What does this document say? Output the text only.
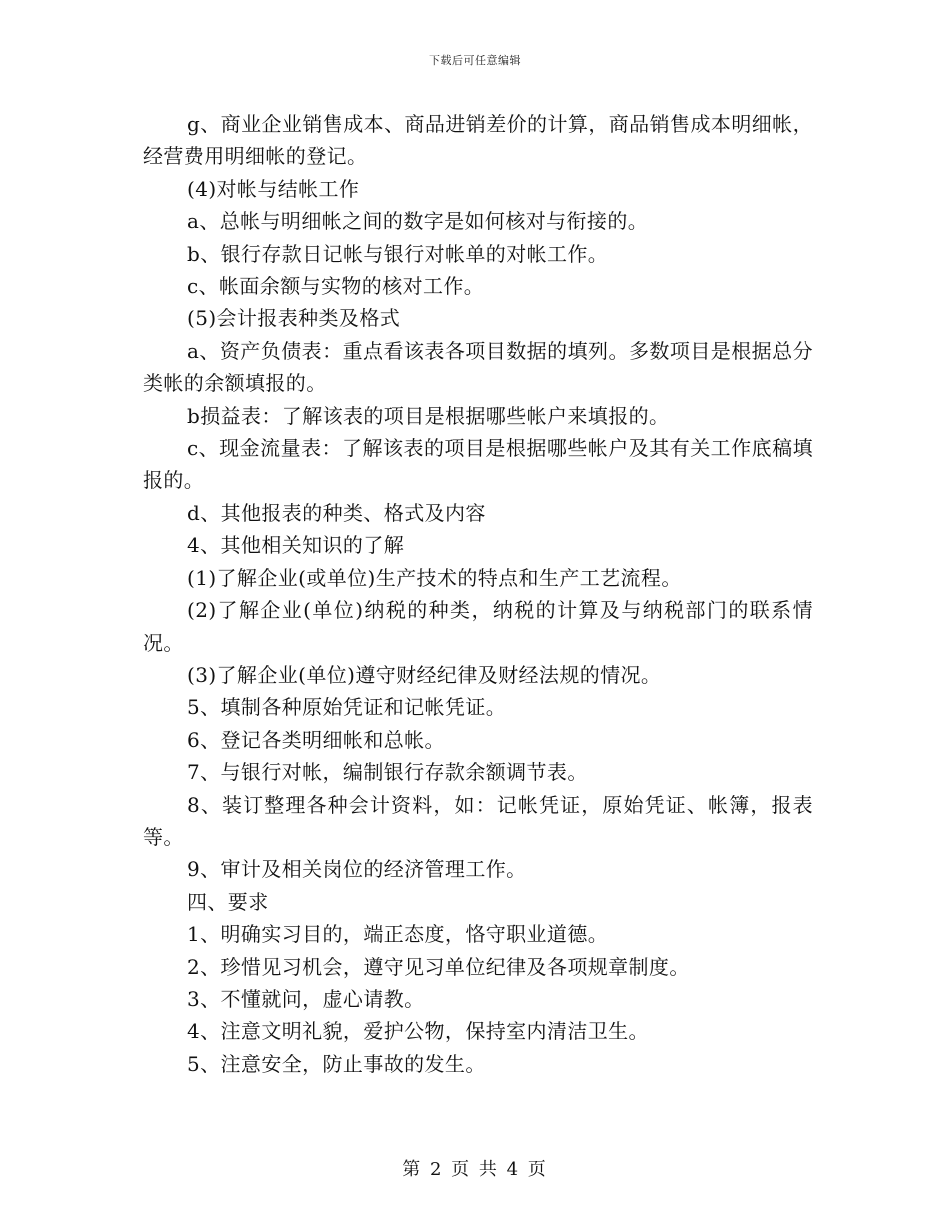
下载后可任意编辑

g、商业企业销售成本、商品进销差价的计算，商品销售成本明细帐，经营费用明细帐的登记。

(4)对帐与结帐工作

a、总帐与明细帐之间的数字是如何核对与衔接的。

b、银行存款日记帐与银行对帐单的对帐工作。

c、帐面余额与实物的核对工作。

(5)会计报表种类及格式

a、资产负债表：重点看该表各项目数据的填列。多数项目是根据总分类帐的余额填报的。

b损益表：了解该表的项目是根据哪些帐户来填报的。

c、现金流量表：了解该表的项目是根据哪些帐户及其有关工作底稿填报的。

d、其他报表的种类、格式及内容

4、其他相关知识的了解

(1)了解企业(或单位)生产技术的特点和生产工艺流程。

(2)了解企业(单位)纳税的种类，纳税的计算及与纳税部门的联系情况。

(3)了解企业(单位)遵守财经纪律及财经法规的情况。

5、填制各种原始凭证和记帐凭证。

6、登记各类明细帐和总帐。

7、与银行对帐，编制银行存款余额调节表。

8、装订整理各种会计资料，如：记帐凭证，原始凭证、帐簿，报表等。

9、审计及相关岗位的经济管理工作。

四、要求

1、明确实习目的，端正态度，恪守职业道德。

2、珍惜见习机会，遵守见习单位纪律及各项规章制度。

3、不懂就问，虚心请教。

4、注意文明礼貌，爱护公物，保持室内清洁卫生。

5、注意安全，防止事故的发生。

第 2 页 共 4 页
